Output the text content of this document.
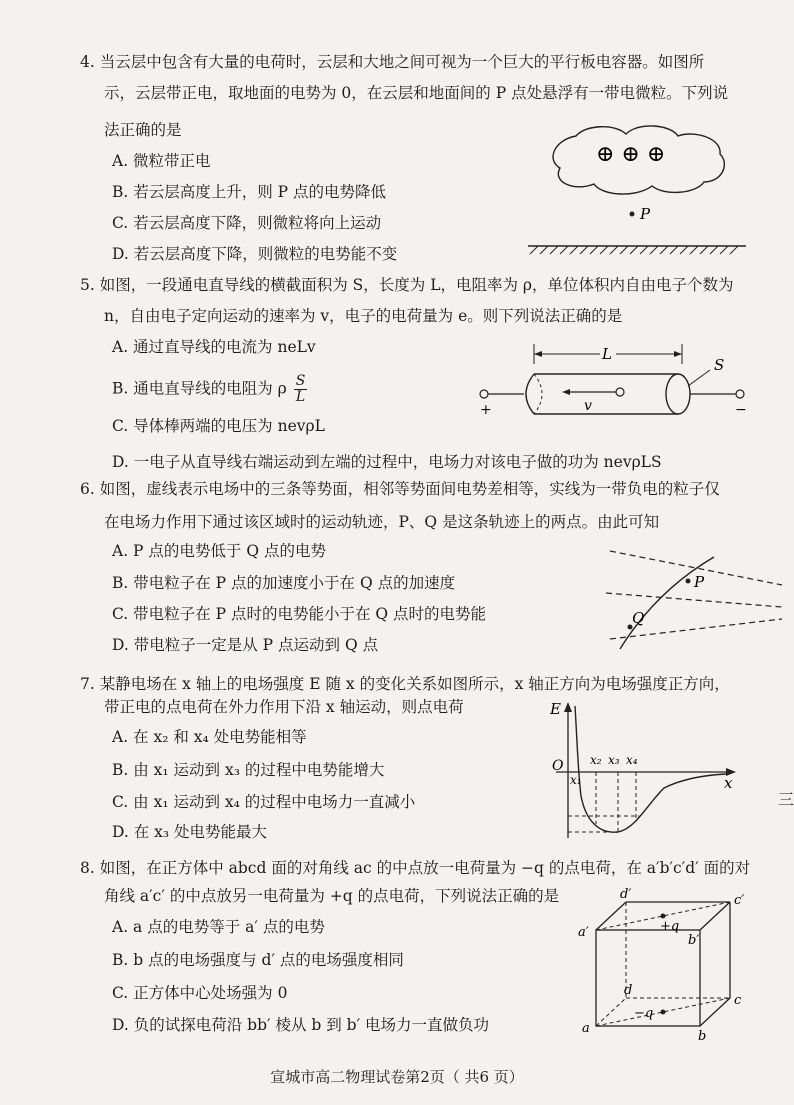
4. 当云层中包含有大量的电荷时，云层和大地之间可视为一个巨大的平行板电容器。如图所
示，云层带正电，取地面的电势为 0，在云层和地面间的 P 点处悬浮有一带电微粒。下列说
法正确的是
A. 微粒带正电
B. 若云层高度上升，则 P 点的电势降低
C. 若云层高度下降，则微粒将向上运动
D. 若云层高度下降，则微粒的电势能不变
⊕ ⊕ ⊕
P
5. 如图，一段通电直导线的横截面积为 S，长度为 L，电阻率为 ρ，单位体积内自由电子个数为
n，自由电子定向运动的速率为 v，电子的电荷量为 e。则下列说法正确的是
A. 通过直导线的电流为 neLv
B. 通电直导线的电阻为 ρ $\frac{S}{L}$
C. 导体棒两端的电压为 nevρL
D. 一电子从直导线右端运动到左端的过程中，电场力对该电子做的功为 nevρLS
L
S
v
+	−
6. 如图，虚线表示电场中的三条等势面，相邻等势面间电势差相等，实线为一带负电的粒子仅
在电场力作用下通过该区域时的运动轨迹，P、Q 是这条轨迹上的两点。由此可知
A. P 点的电势低于 Q 点的电势
B. 带电粒子在 P 点的加速度小于在 Q 点的加速度
C. 带电粒子在 P 点时的电势能小于在 Q 点时的电势能
D. 带电粒子一定是从 P 点运动到 Q 点
P
Q
7. 某静电场在 x 轴上的电场强度 E 随 x 的变化关系如图所示，x 轴正方向为电场强度正方向，
带正电的点电荷在外力作用下沿 x 轴运动，则点电荷
A. 在 x₂ 和 x₄ 处电势能相等
B. 由 x₁ 运动到 x₃ 的过程中电势能增大
C. 由 x₁ 运动到 x₄ 的过程中电场力一直减小
D. 在 x₃ 处电势能最大
E
x
O
x₁
x₂ x₃ x₄
三
8. 如图，在正方体中 abcd 面的对角线 ac 的中点放一电荷量为 −q 的点电荷，在 a′b′c′d′ 面的对
角线 a′c′ 的中点放另一电荷量为 +q 的点电荷，下列说法正确的是
A. a 点的电势等于 a′ 点的电势
B. b 点的电场强度与 d′ 点的电场强度相同
C. 正方体中心处场强为 0
D. 负的试探电荷沿 bb′ 棱从 b 到 b′ 电场力一直做负功
+q
−q
d′	c′
a′
b′
d
c
a
b
宣城市高二物理试卷第2页（ 共6 页）
